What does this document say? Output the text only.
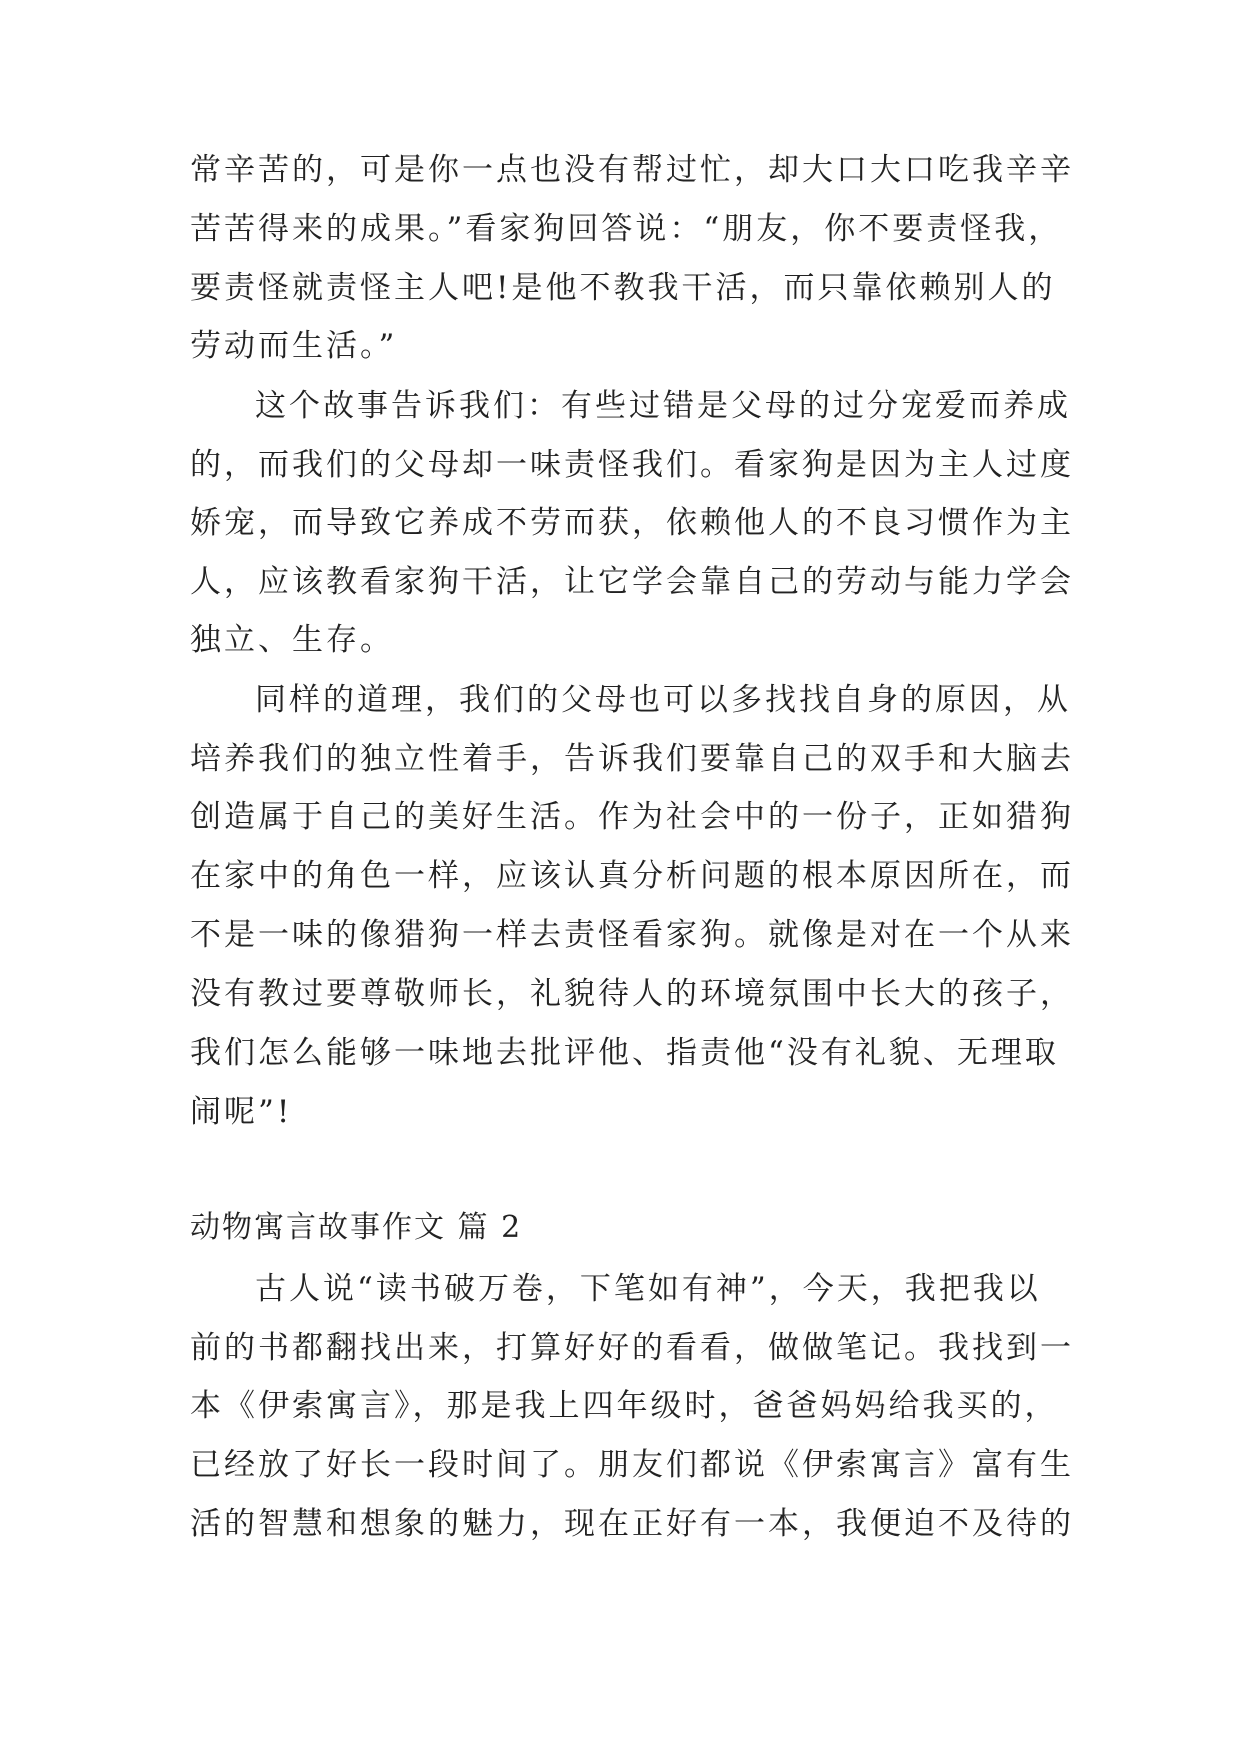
常辛苦的，可是你一点也没有帮过忙，却大口大口吃我辛辛

苦苦得来的成果。”看家狗回答说：“朋友，你不要责怪我，

要责怪就责怪主人吧!是他不教我干活，而只靠依赖别人的

劳动而生活。”

这个故事告诉我们：有些过错是父母的过分宠爱而养成

的，而我们的父母却一味责怪我们。看家狗是因为主人过度

娇宠，而导致它养成不劳而获，依赖他人的不良习惯作为主

人，应该教看家狗干活，让它学会靠自己的劳动与能力学会

独立、生存。

同样的道理，我们的父母也可以多找找自身的原因，从

培养我们的独立性着手，告诉我们要靠自己的双手和大脑去

创造属于自己的美好生活。作为社会中的一份子，正如猎狗

在家中的角色一样，应该认真分析问题的根本原因所在，而

不是一味的像猎狗一样去责怪看家狗。就像是对在一个从来

没有教过要尊敬师长，礼貌待人的环境氛围中长大的孩子，

我们怎么能够一味地去批评他、指责他“没有礼貌、无理取

闹呢”!

动物寓言故事作文 篇 2

古人说“读书破万卷，下笔如有神”，今天，我把我以

前的书都翻找出来，打算好好的看看，做做笔记。我找到一

本《伊索寓言》，那是我上四年级时，爸爸妈妈给我买的，

已经放了好长一段时间了。朋友们都说《伊索寓言》富有生

活的智慧和想象的魅力，现在正好有一本，我便迫不及待的
